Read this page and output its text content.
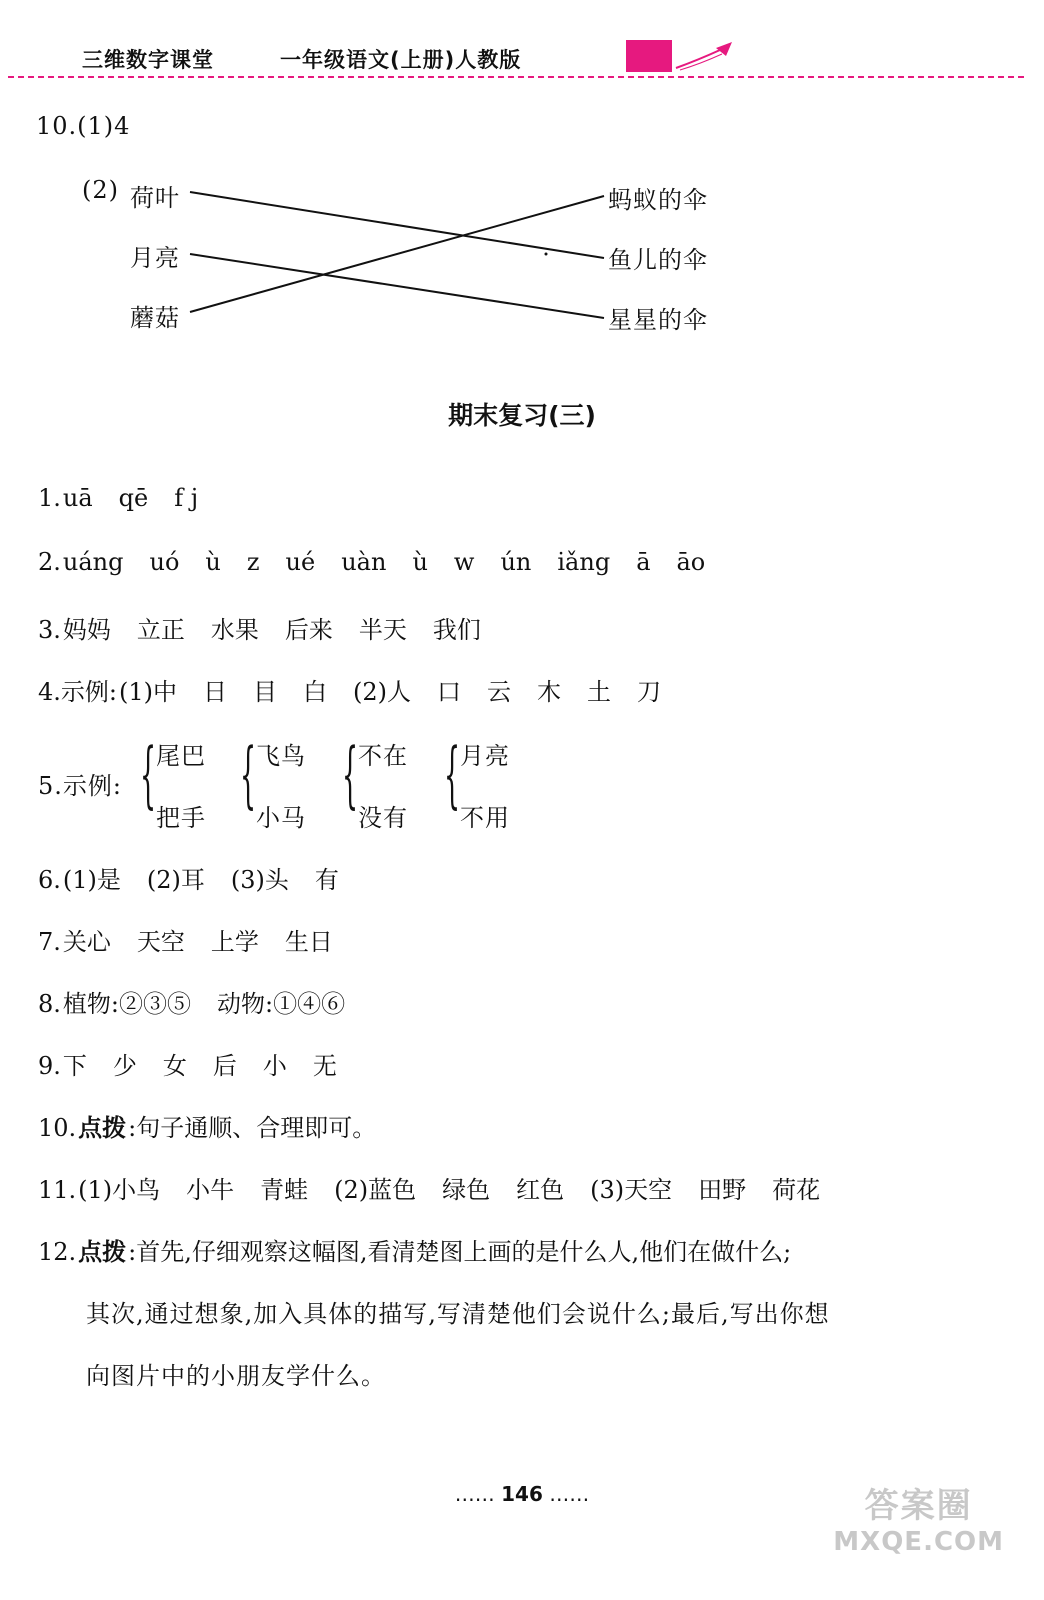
三维数字课堂	一年级语文(上册)人教版
10.(1)4
(2) 荷叶
月亮
蘑菇
蚂蚁的伞
鱼儿的伞
星星的伞
期末复习(三)
1.uā qē f j
2.uáng uó ù z ué uàn ù w ún iǎng ā āo
3.妈妈 立正 水果 后来 半天 我们
4.示例:(1)中 日 目 白 (2)人 口 云 木 土 刀
5.示例: { { { {
尾巴
把手
飞鸟
小马
不在
没有
月亮
不用
6.(1)是 (2)耳 (3)头 有
7.关心 天空 上学 生日
8.植物:②③⑤ 动物:①④⑥
9.下 少 女 后 小 无
10.点拨:句子通顺、合理即可。
11.(1)小鸟 小牛 青蛙 (2)蓝色 绿色 红色 (3)天空 田野 荷花
12.点拨:首先,仔细观察这幅图,看清楚图上画的是什么人,他们在做什么;
其次,通过想象,加入具体的描写,写清楚他们会说什么;最后,写出你想
向图片中的小朋友学什么。
…… 146 ……	答案圈
MXQE.COM
